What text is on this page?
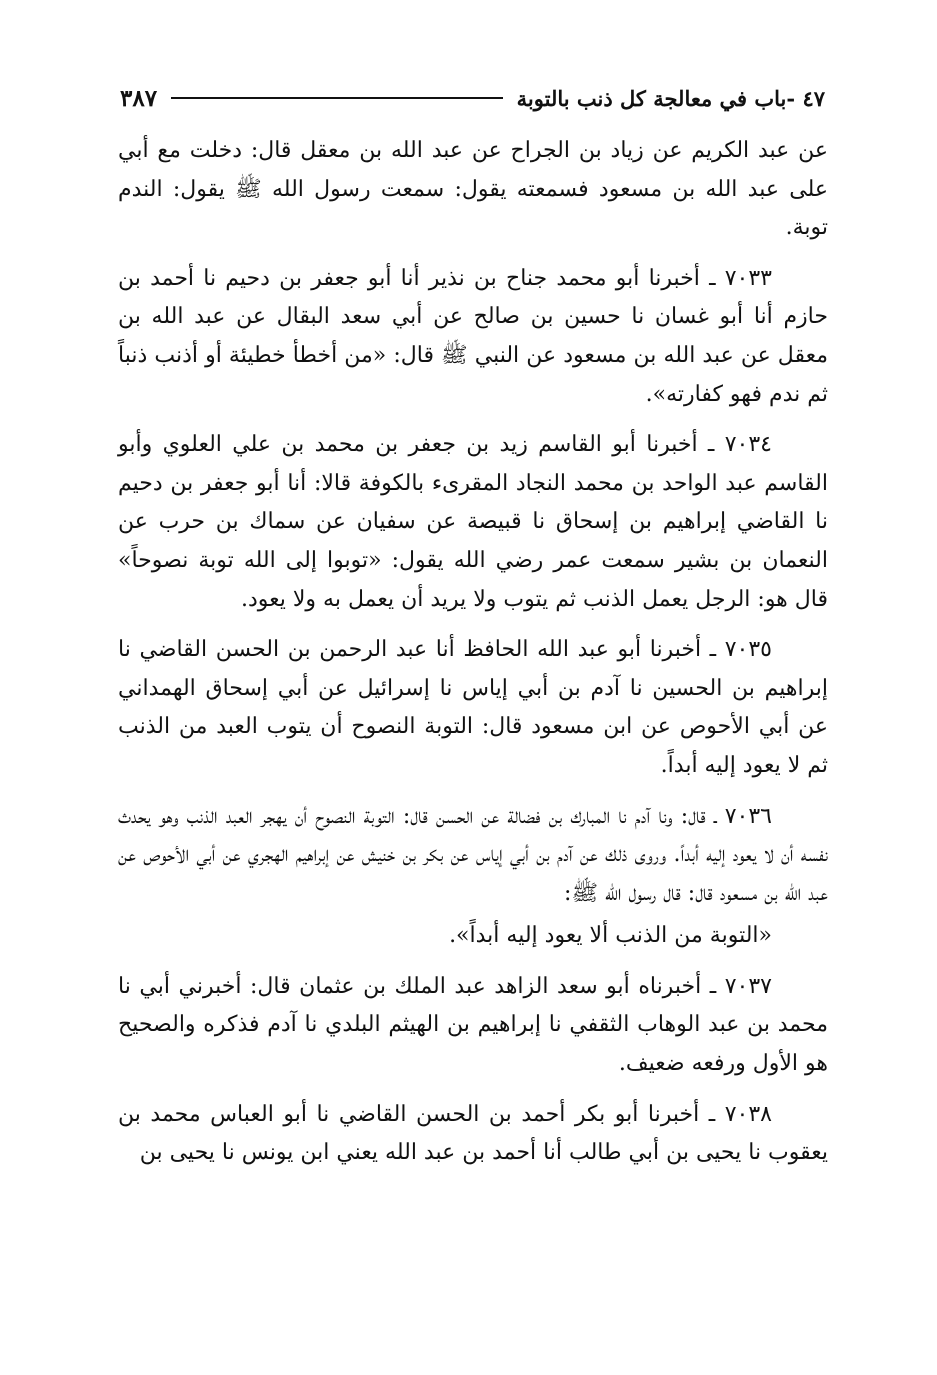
٤٧ -باب في معالجة كل ذنب بالتوبة
٣٨٧

عن عبد الكريم عن زياد بن الجراح عن عبد الله بن معقل قال: دخلت مع أبي على عبد الله بن مسعود فسمعته يقول: سمعت رسول الله ﷺ يقول: الندم توبة.

٧٠٣٣ ـ أخبرنا أبو محمد جناح بن نذير أنا أبو جعفر بن دحيم نا أحمد بن حازم أنا أبو غسان نا حسين بن صالح عن أبي سعد البقال عن عبد الله بن معقل عن عبد الله بن مسعود عن النبي ﷺ قال: «من أخطأ خطيئة أو أذنب ذنباً ثم ندم فهو كفارته».

٧٠٣٤ ـ أخبرنا أبو القاسم زيد بن جعفر بن محمد بن علي العلوي وأبو القاسم عبد الواحد بن محمد النجاد المقرىء بالكوفة قالا: أنا أبو جعفر بن دحيم نا القاضي إبراهيم بن إسحاق نا قبيصة عن سفيان عن سماك بن حرب عن النعمان بن بشير سمعت عمر رضي الله يقول: «توبوا إلى الله توبة نصوحاً» قال هو: الرجل يعمل الذنب ثم يتوب ولا يريد أن يعمل به ولا يعود.

٧٠٣٥ ـ أخبرنا أبو عبد الله الحافظ أنا عبد الرحمن بن الحسن القاضي نا إبراهيم بن الحسين نا آدم بن أبي إياس نا إسرائيل عن أبي إسحاق الهمداني عن أبي الأحوص عن ابن مسعود قال: التوبة النصوح أن يتوب العبد من الذنب ثم لا يعود إليه أبداً.

٧٠٣٦ ـ قال: ونا آدم نا المبارك بن فضالة عن الحسن قال: التوبة النصوح أن يهجر العبد الذنب وهو يحدث نفسه أن لا يعود إليه أبداً. وروى ذلك عن آدم بن أبي إياس عن بكر بن خنيش عن إبراهيم الهجري عن أبي الأحوص عن عبد الله بن مسعود قال: قال رسول الله ﷺ:

«التوبة من الذنب ألا يعود إليه أبداً».

٧٠٣٧ ـ أخبرناه أبو سعد الزاهد عبد الملك بن عثمان قال: أخبرني أبي نا محمد بن عبد الوهاب الثقفي نا إبراهيم بن الهيثم البلدي نا آدم فذكره والصحيح هو الأول ورفعه ضعيف.

٧٠٣٨ ـ أخبرنا أبو بكر أحمد بن الحسن القاضي نا أبو العباس محمد بن يعقوب نا يحيى بن أبي طالب أنا أحمد بن عبد الله يعني ابن يونس نا يحيى بن
